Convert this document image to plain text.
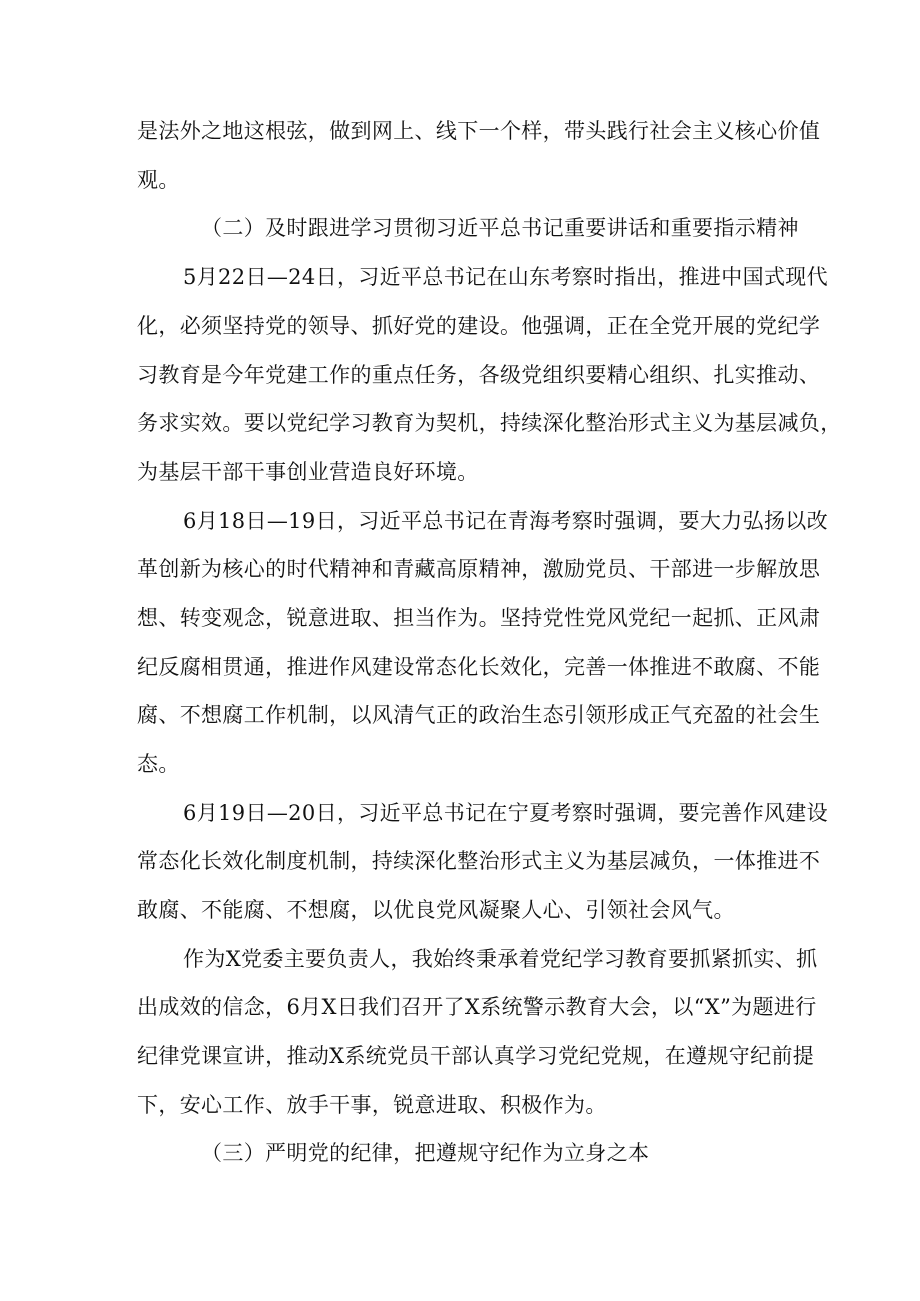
是法外之地这根弦，做到网上、线下一个样，带头践行社会主义核心价值
观。
（二）及时跟进学习贯彻习近平总书记重要讲话和重要指示精神
5月22日—24日，习近平总书记在山东考察时指出，推进中国式现代
化，必须坚持党的领导、抓好党的建设。他强调，正在全党开展的党纪学
习教育是今年党建工作的重点任务，各级党组织要精心组织、扎实推动、
务求实效。要以党纪学习教育为契机，持续深化整治形式主义为基层减负，
为基层干部干事创业营造良好环境。
6月18日—19日，习近平总书记在青海考察时强调，要大力弘扬以改
革创新为核心的时代精神和青藏高原精神，激励党员、干部进一步解放思
想、转变观念，锐意进取、担当作为。坚持党性党风党纪一起抓、正风肃
纪反腐相贯通，推进作风建设常态化长效化，完善一体推进不敢腐、不能
腐、不想腐工作机制，以风清气正的政治生态引领形成正气充盈的社会生
态。
6月19日—20日，习近平总书记在宁夏考察时强调，要完善作风建设
常态化长效化制度机制，持续深化整治形式主义为基层减负，一体推进不
敢腐、不能腐、不想腐，以优良党风凝聚人心、引领社会风气。
作为X党委主要负责人，我始终秉承着党纪学习教育要抓紧抓实、抓
出成效的信念，6月X日我们召开了X系统警示教育大会，以“X”为题进行
纪律党课宣讲，推动X系统党员干部认真学习党纪党规，在遵规守纪前提
下，安心工作、放手干事，锐意进取、积极作为。
（三）严明党的纪律，把遵规守纪作为立身之本
